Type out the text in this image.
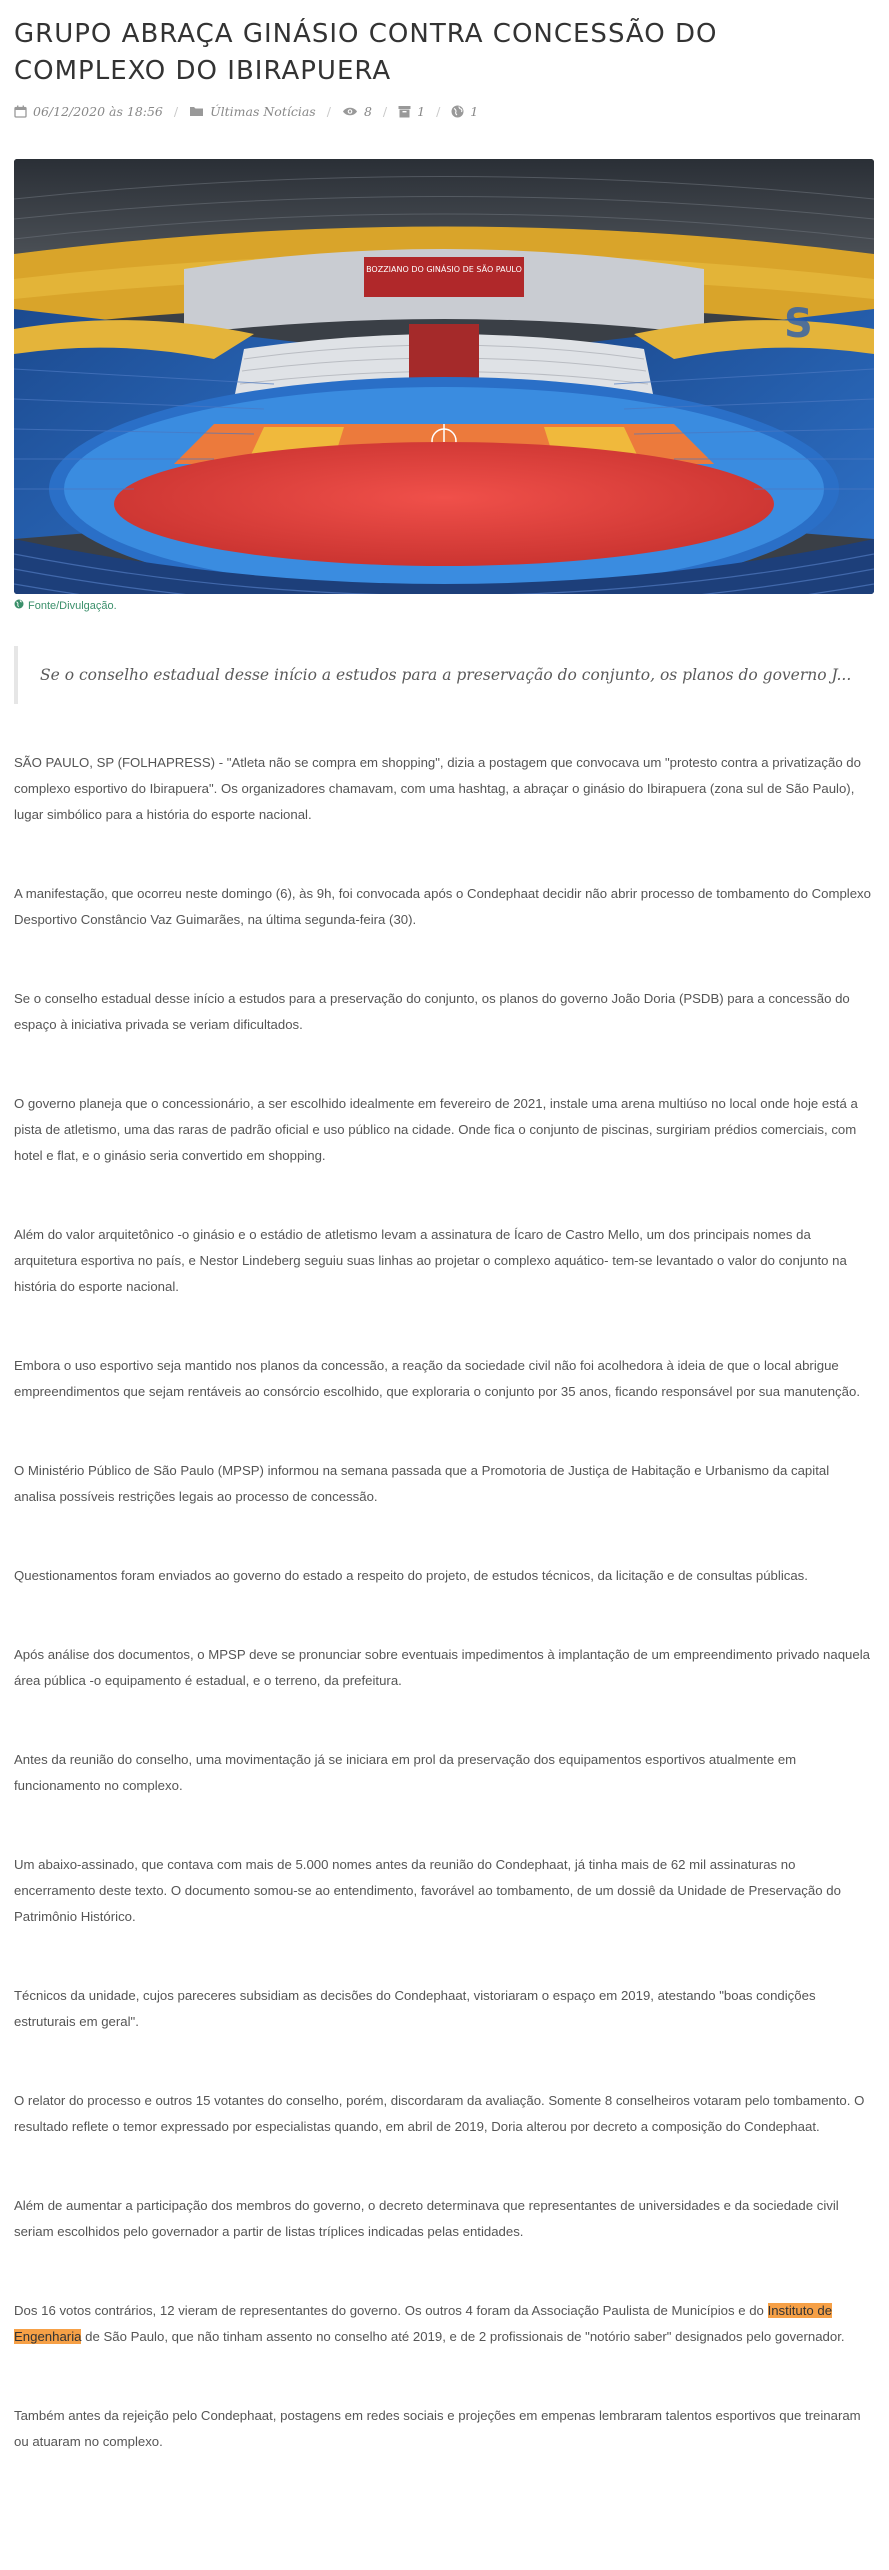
GRUPO ABRAÇA GINÁSIO CONTRA CONCESSÃO DO COMPLEXO DO IBIRAPUERA
06/12/2020 às 18:56 /	Últimas Notícias /	8 / 1 / 1
BOZZIANO DO GINÁSIO DE SÃO PAULO
S
Fonte/Divulgação.
Se o conselho estadual desse início a estudos para a preservação do conjunto, os planos do governo J...

SÃO PAULO, SP (FOLHAPRESS) - "Atleta não se compra em shopping", dizia a postagem que convocava um "protesto contra a privatização do complexo esportivo do Ibirapuera". Os organizadores chamavam, com uma hashtag, a abraçar o ginásio do Ibirapuera (zona sul de São Paulo), lugar simbólico para a história do esporte nacional.

A manifestação, que ocorreu neste domingo (6), às 9h, foi convocada após o Condephaat decidir não abrir processo de tombamento do Complexo Desportivo Constâncio Vaz Guimarães, na última segunda-feira (30).

Se o conselho estadual desse início a estudos para a preservação do conjunto, os planos do governo João Doria (PSDB) para a concessão do espaço à iniciativa privada se veriam dificultados.

O governo planeja que o concessionário, a ser escolhido idealmente em fevereiro de 2021, instale uma arena multiúso no local onde hoje está a pista de atletismo, uma das raras de padrão oficial e uso público na cidade. Onde fica o conjunto de piscinas, surgiriam prédios comerciais, com hotel e flat, e o ginásio seria convertido em shopping.

Além do valor arquitetônico -o ginásio e o estádio de atletismo levam a assinatura de Ícaro de Castro Mello, um dos principais nomes da arquitetura esportiva no país, e Nestor Lindeberg seguiu suas linhas ao projetar o complexo aquático- tem-se levantado o valor do conjunto na história do esporte nacional.

Embora o uso esportivo seja mantido nos planos da concessão, a reação da sociedade civil não foi acolhedora à ideia de que o local abrigue empreendimentos que sejam rentáveis ao consórcio escolhido, que exploraria o conjunto por 35 anos, ficando responsável por sua manutenção.

O Ministério Público de São Paulo (MPSP) informou na semana passada que a Promotoria de Justiça de Habitação e Urbanismo da capital analisa possíveis restrições legais ao processo de concessão.

Questionamentos foram enviados ao governo do estado a respeito do projeto, de estudos técnicos, da licitação e de consultas públicas.

Após análise dos documentos, o MPSP deve se pronunciar sobre eventuais impedimentos à implantação de um empreendimento privado naquela área pública -o equipamento é estadual, e o terreno, da prefeitura.

Antes da reunião do conselho, uma movimentação já se iniciara em prol da preservação dos equipamentos esportivos atualmente em funcionamento no complexo.

Um abaixo-assinado, que contava com mais de 5.000 nomes antes da reunião do Condephaat, já tinha mais de 62 mil assinaturas no encerramento deste texto. O documento somou-se ao entendimento, favorável ao tombamento, de um dossiê da Unidade de Preservação do Patrimônio Histórico.

Técnicos da unidade, cujos pareceres subsidiam as decisões do Condephaat, vistoriaram o espaço em 2019, atestando "boas condições estruturais em geral".

O relator do processo e outros 15 votantes do conselho, porém, discordaram da avaliação. Somente 8 conselheiros votaram pelo tombamento. O resultado reflete o temor expressado por especialistas quando, em abril de 2019, Doria alterou por decreto a composição do Condephaat.

Além de aumentar a participação dos membros do governo, o decreto determinava que representantes de universidades e da sociedade civil seriam escolhidos pelo governador a partir de listas tríplices indicadas pelas entidades.

Dos 16 votos contrários, 12 vieram de representantes do governo. Os outros 4 foram da Associação Paulista de Municípios e do Instituto de Engenharia de São Paulo, que não tinham assento no conselho até 2019, e de 2 profissionais de "notório saber" designados pelo governador.

Também antes da rejeição pelo Condephaat, postagens em redes sociais e projeções em empenas lembraram talentos esportivos que treinaram ou atuaram no complexo.
